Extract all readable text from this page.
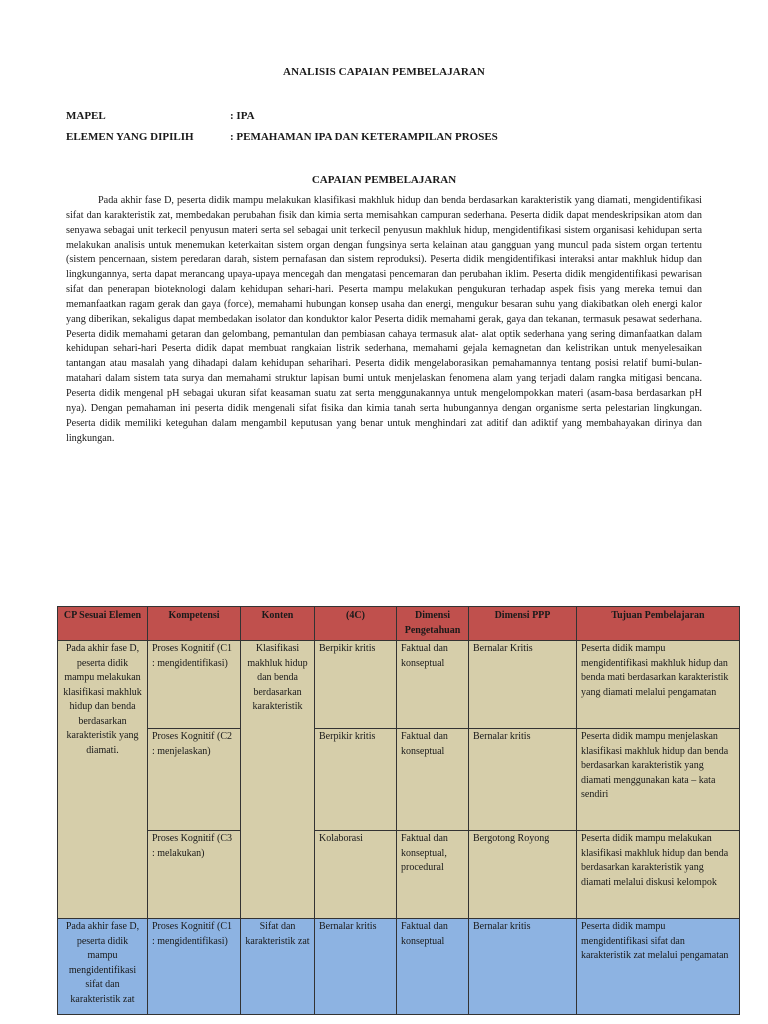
ANALISIS CAPAIAN PEMBELAJARAN
MAPEL	: IPA
ELEMEN YANG DIPILIH	: PEMAHAMAN IPA DAN KETERAMPILAN PROSES
CAPAIAN PEMBELAJARAN

Pada akhir fase D, peserta didik mampu melakukan klasifikasi makhluk hidup dan benda berdasarkan karakteristik yang diamati, mengidentifikasi sifat dan karakteristik zat, membedakan perubahan fisik dan kimia serta memisahkan campuran sederhana. Peserta didik dapat mendeskripsikan atom dan senyawa sebagai unit terkecil penyusun materi serta sel sebagai unit terkecil penyusun makhluk hidup, mengidentifikasi sistem organisasi kehidupan serta melakukan analisis untuk menemukan keterkaitan sistem organ dengan fungsinya serta kelainan atau gangguan yang muncul pada sistem organ tertentu (sistem pencernaan, sistem peredaran darah, sistem pernafasan dan sistem reproduksi). Peserta didik mengidentifikasi interaksi antar makhluk hidup dan lingkungannya, serta dapat merancang upaya-upaya mencegah dan mengatasi pencemaran dan perubahan iklim. Peserta didik mengidentifikasi pewarisan sifat dan penerapan bioteknologi dalam kehidupan sehari-hari. Peserta mampu melakukan pengukuran terhadap aspek fisis yang mereka temui dan memanfaatkan ragam gerak dan gaya (force), memahami hubungan konsep usaha dan energi, mengukur besaran suhu yang diakibatkan oleh energi kalor yang diberikan, sekaligus dapat membedakan isolator dan konduktor kalor Peserta didik memahami gerak, gaya dan tekanan, termasuk pesawat sederhana. Peserta didik memahami getaran dan gelombang, pemantulan dan pembiasan cahaya termasuk alat- alat optik sederhana yang sering dimanfaatkan dalam kehidupan sehari-hari Peserta didik dapat membuat rangkaian listrik sederhana, memahami gejala kemagnetan dan kelistrikan untuk menyelesaikan tantangan atau masalah yang dihadapi dalam kehidupan seharihari. Peserta didik mengelaborasikan pemahamannya tentang posisi relatif bumi-bulan-matahari dalam sistem tata surya dan memahami struktur lapisan bumi untuk menjelaskan fenomena alam yang terjadi dalam rangka mitigasi bencana. Peserta didik mengenal pH sebagai ukuran sifat keasaman suatu zat serta menggunakannya untuk mengelompokkan materi (asam-basa berdasarkan pH nya). Dengan pemahaman ini peserta didik mengenali sifat fisika dan kimia tanah serta hubungannya dengan organisme serta pelestarian lingkungan. Peserta didik memiliki keteguhan dalam mengambil keputusan yang benar untuk menghindari zat aditif dan adiktif yang membahayakan dirinya dan lingkungan.

CP Sesuai Elemen	Kompetensi	Konten	(4C)	Dimensi Pengetahuan	Dimensi PPP	Tujuan Pembelajaran
Pada akhir fase D, peserta didik mampu melakukan klasifikasi makhluk hidup dan benda berdasarkan karakteristik yang diamati.	Proses Kognitif (C1 : mengidentifikasi)	Klasifikasi makhluk hidup dan benda berdasarkan karakteristik	Berpikir kritis	Faktual dan konseptual	Bernalar Kritis	Peserta didik mampu mengidentifikasi makhluk hidup dan benda mati berdasarkan karakteristik yang diamati melalui pengamatan
	Proses Kognitif (C2 : menjelaskan)		Berpikir kritis	Faktual dan konseptual	Bernalar kritis	Peserta didik mampu menjelaskan klasifikasi makhluk hidup dan benda berdasarkan karakteristik yang diamati menggunakan kata – kata sendiri
	Proses Kognitif (C3 : melakukan)		Kolaborasi	Faktual dan konseptual, procedural	Bergotong Royong	Peserta didik mampu melakukan klasifikasi makhluk hidup dan benda berdasarkan karakteristik yang diamati melalui diskusi kelompok
Pada akhir fase D, peserta didik mampu mengidentifikasi sifat dan karakteristik zat	Proses Kognitif (C1 : mengidentifikasi)	Sifat dan karakteristik zat	Bernalar kritis	Faktual dan konseptual	Bernalar kritis	Peserta didik mampu mengidentifikasi sifat dan karakteristik zat melalui pengamatan
